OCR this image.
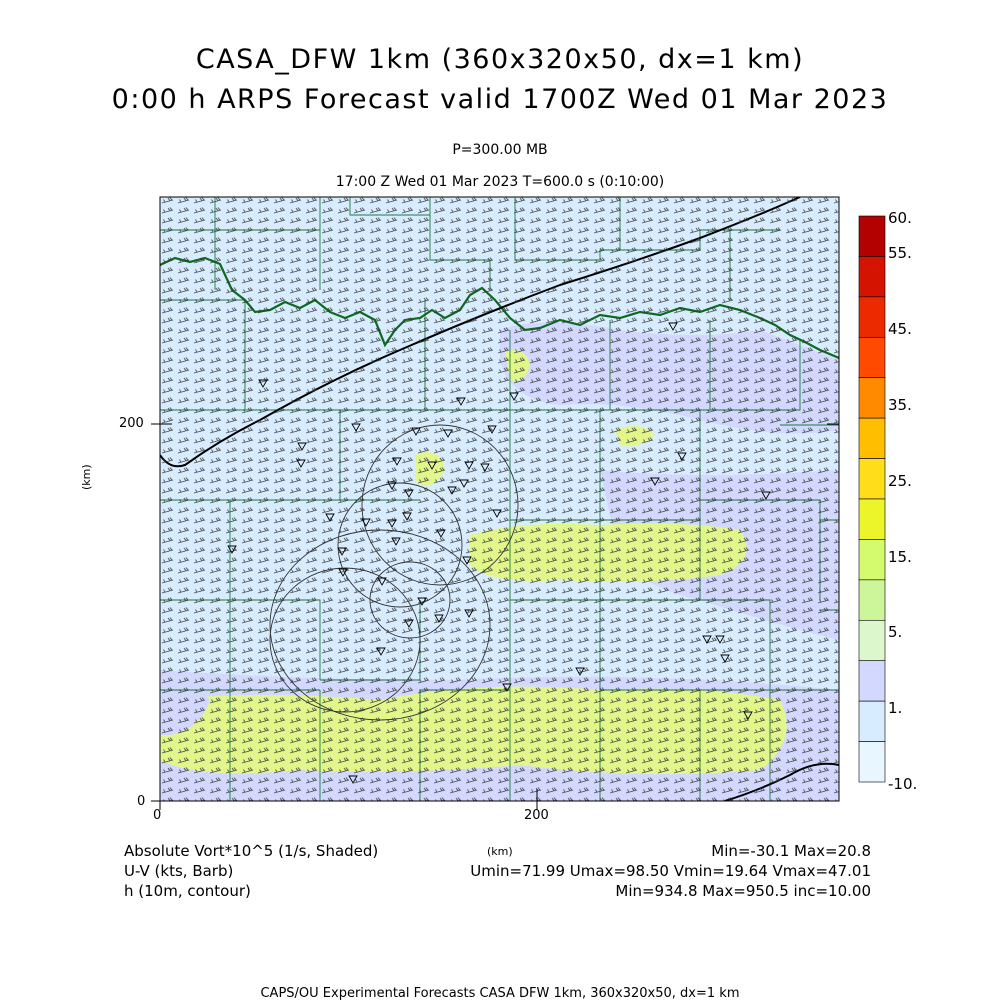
CASA_DFW 1km (360x320x50, dx=1 km)
0:00 h ARPS Forecast valid 1700Z Wed 01 Mar 2023
P=300.00 MB
17:00 Z Wed 01 Mar 2023 T=600.0 s (0:10:00)
0	200
0
200
(km)
(km)
60.
55.
45.
35.
25.
15.
5.
1.
-10.
Absolute Vort*10^5 (1/s, Shaded)
U-V (kts, Barb)
h (10m, contour)
Min=-30.1 Max=20.8
Umin=71.99 Umax=98.50 Vmin=19.64 Vmax=47.01
Min=934.8 Max=950.5 inc=10.00
CAPS/OU Experimental Forecasts CASA DFW 1km, 360x320x50, dx=1 km
